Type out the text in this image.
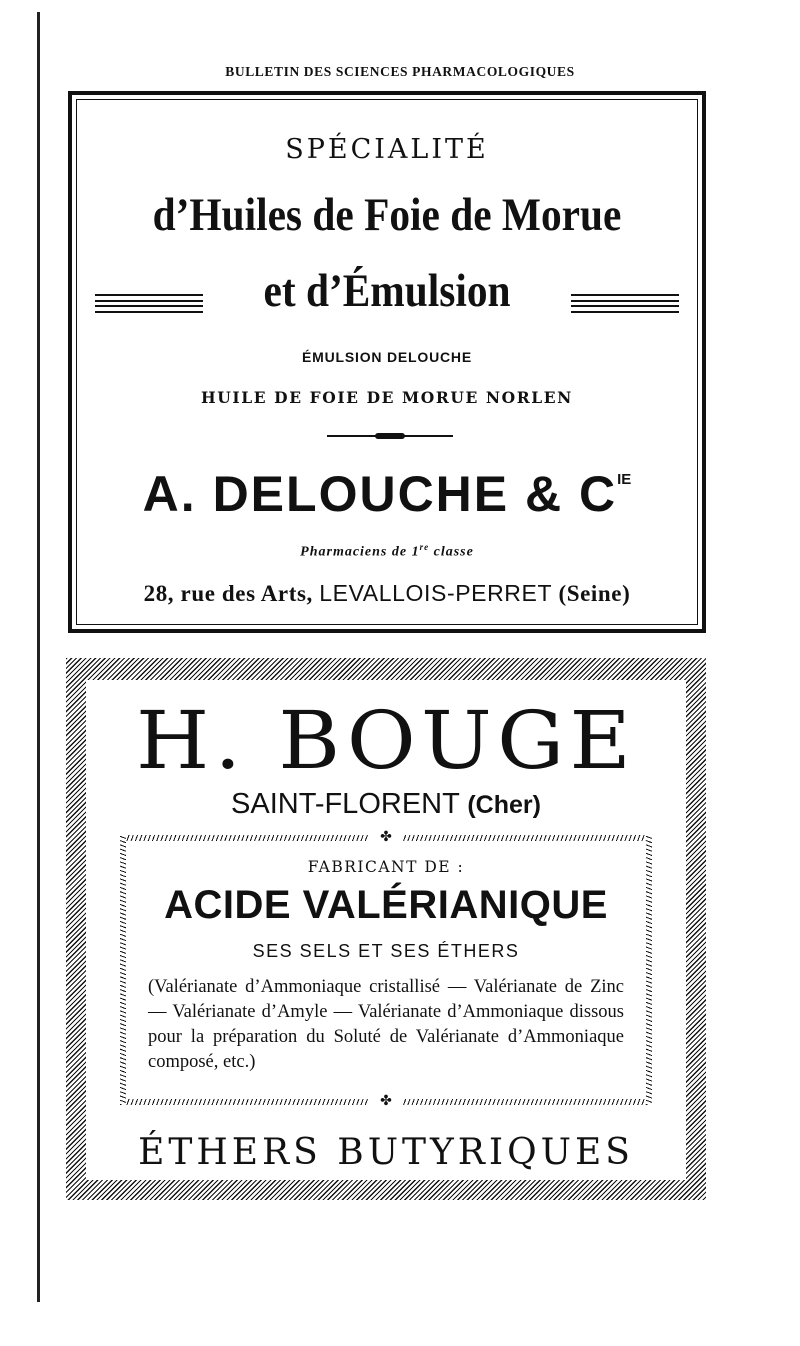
BULLETIN DES SCIENCES PHARMACOLOGIQUES
SPÉCIALITÉ
d’Huiles de Foie de Morue
et d’Émulsion
ÉMULSION DELOUCHE
HUILE DE FOIE DE MORUE NORLEN
A. DELOUCHE & $C^{IE}$
Pharmaciens de 1re classe
28, rue des Arts, LEVALLOIS-PERRET (Seine)
H. BOUGE
SAINT-FLORENT (Cher)
✤
✤
FABRICANT DE :
ACIDE VALÉRIANIQUE
SES SELS ET SES ÉTHERS
(Valérianate d’Ammoniaque cristallisé — Valérianate de Zinc — Valérianate d’Amyle — Valérianate d’Ammoniaque dissous pour la préparation du Soluté de Valérianate d’Ammoniaque composé, etc.)
ÉTHERS BUTYRIQUES
